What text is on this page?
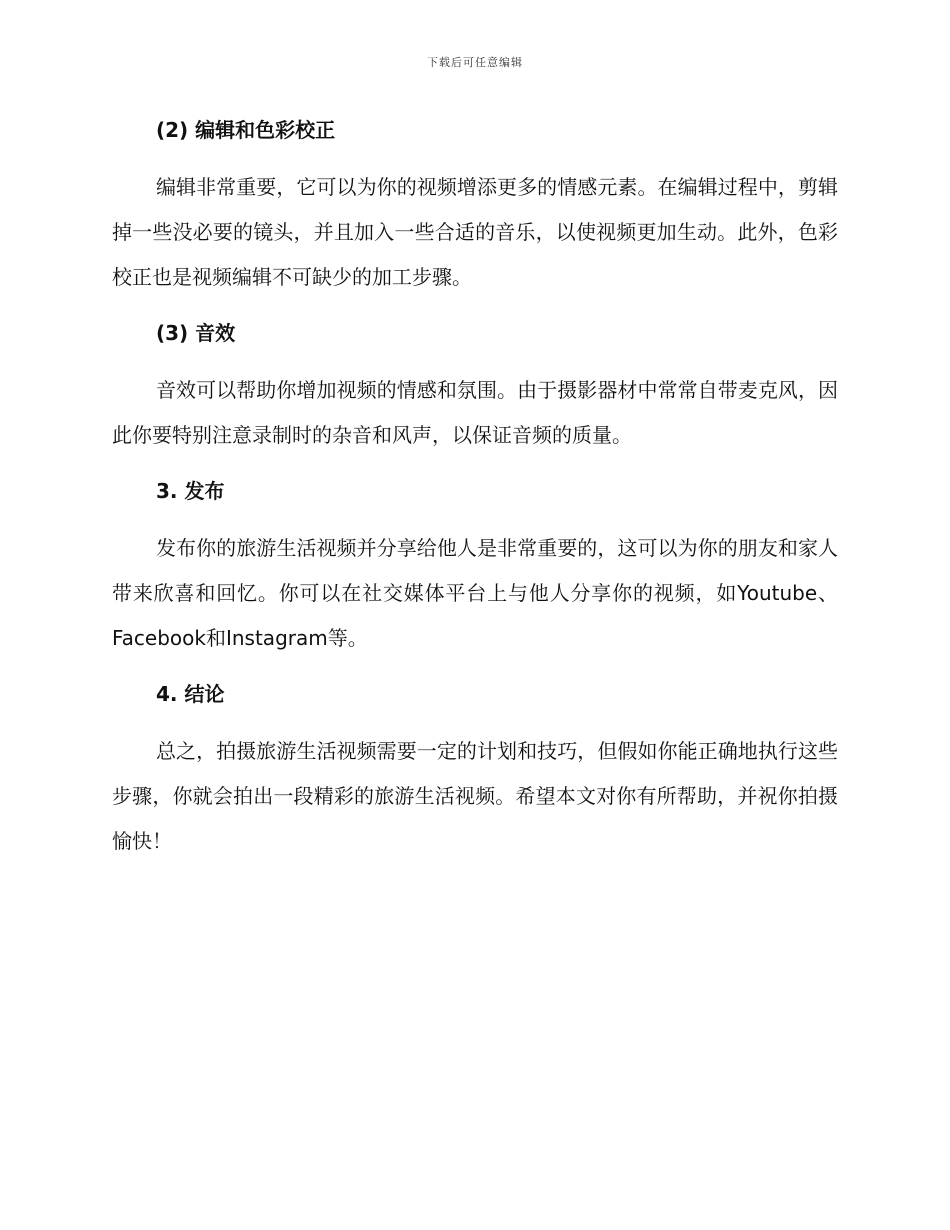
下载后可任意编辑
(2) 编辑和色彩校正

编辑非常重要，它可以为你的视频增添更多的情感元素。在编辑过程中，剪辑掉一些没必要的镜头，并且加入一些合适的音乐，以使视频更加生动。此外，色彩校正也是视频编辑不可缺少的加工步骤。

(3) 音效

音效可以帮助你增加视频的情感和氛围。由于摄影器材中常常自带麦克风，因此你要特别注意录制时的杂音和风声，以保证音频的质量。

3. 发布

发布你的旅游生活视频并分享给他人是非常重要的，这可以为你的朋友和家人带来欣喜和回忆。你可以在社交媒体平台上与他人分享你的视频，如Youtube、Facebook和Instagram等。

4. 结论

总之，拍摄旅游生活视频需要一定的计划和技巧，但假如你能正确地执行这些步骤，你就会拍出一段精彩的旅游生活视频。希望本文对你有所帮助，并祝你拍摄愉快！
